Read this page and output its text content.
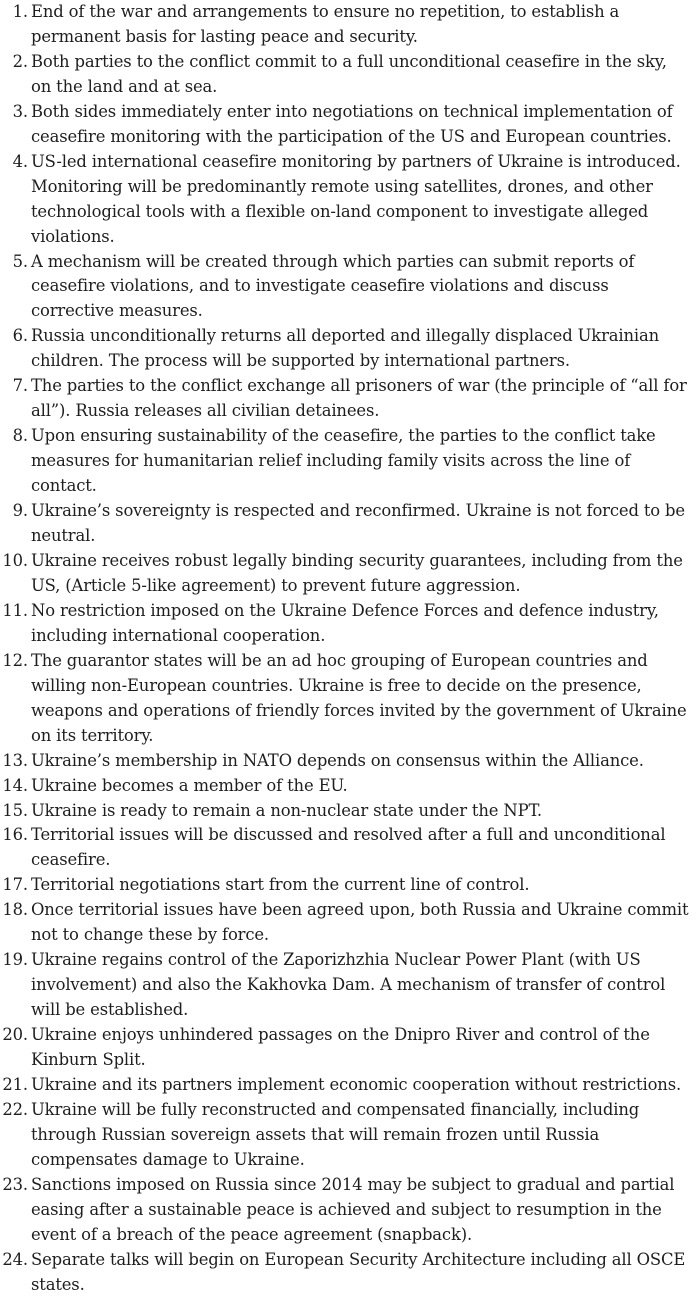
1. End of the war and arrangements to ensure no repetition, to establish a permanent basis for lasting peace and security.
2. Both parties to the conflict commit to a full unconditional ceasefire in the sky, on the land and at sea.
3. Both sides immediately enter into negotiations on technical implementation of ceasefire monitoring with the participation of the US and European countries.
4. US-led international ceasefire monitoring by partners of Ukraine is introduced. Monitoring will be predominantly remote using satellites, drones, and other technological tools with a flexible on-land component to investigate alleged violations.
5. A mechanism will be created through which parties can submit reports of ceasefire violations, and to investigate ceasefire violations and discuss corrective measures.
6. Russia unconditionally returns all deported and illegally displaced Ukrainian children. The process will be supported by international partners.
7. The parties to the conflict exchange all prisoners of war (the principle of “all for all”). Russia releases all civilian detainees.
8. Upon ensuring sustainability of the ceasefire, the parties to the conflict take measures for humanitarian relief including family visits across the line of contact.
9. Ukraine’s sovereignty is respected and reconfirmed. Ukraine is not forced to be neutral.
10. Ukraine receives robust legally binding security guarantees, including from the US, (Article 5-like agreement) to prevent future aggression.
11. No restriction imposed on the Ukraine Defence Forces and defence industry, including international cooperation.
12. The guarantor states will be an ad hoc grouping of European countries and willing non-European countries. Ukraine is free to decide on the presence, weapons and operations of friendly forces invited by the government of Ukraine on its territory.
13. Ukraine’s membership in NATO depends on consensus within the Alliance.
14. Ukraine becomes a member of the EU.
15. Ukraine is ready to remain a non-nuclear state under the NPT.
16. Territorial issues will be discussed and resolved after a full and unconditional ceasefire.
17. Territorial negotiations start from the current line of control.
18. Once territorial issues have been agreed upon, both Russia and Ukraine commit not to change these by force.
19. Ukraine regains control of the Zaporizhzhia Nuclear Power Plant (with US involvement) and also the Kakhovka Dam. A mechanism of transfer of control will be established.
20. Ukraine enjoys unhindered passages on the Dnipro River and control of the Kinburn Split.
21. Ukraine and its partners implement economic cooperation without restrictions.
22. Ukraine will be fully reconstructed and compensated financially, including through Russian sovereign assets that will remain frozen until Russia compensates damage to Ukraine.
23. Sanctions imposed on Russia since 2014 may be subject to gradual and partial easing after a sustainable peace is achieved and subject to resumption in the event of a breach of the peace agreement (snapback).
24. Separate talks will begin on European Security Architecture including all OSCE states.
